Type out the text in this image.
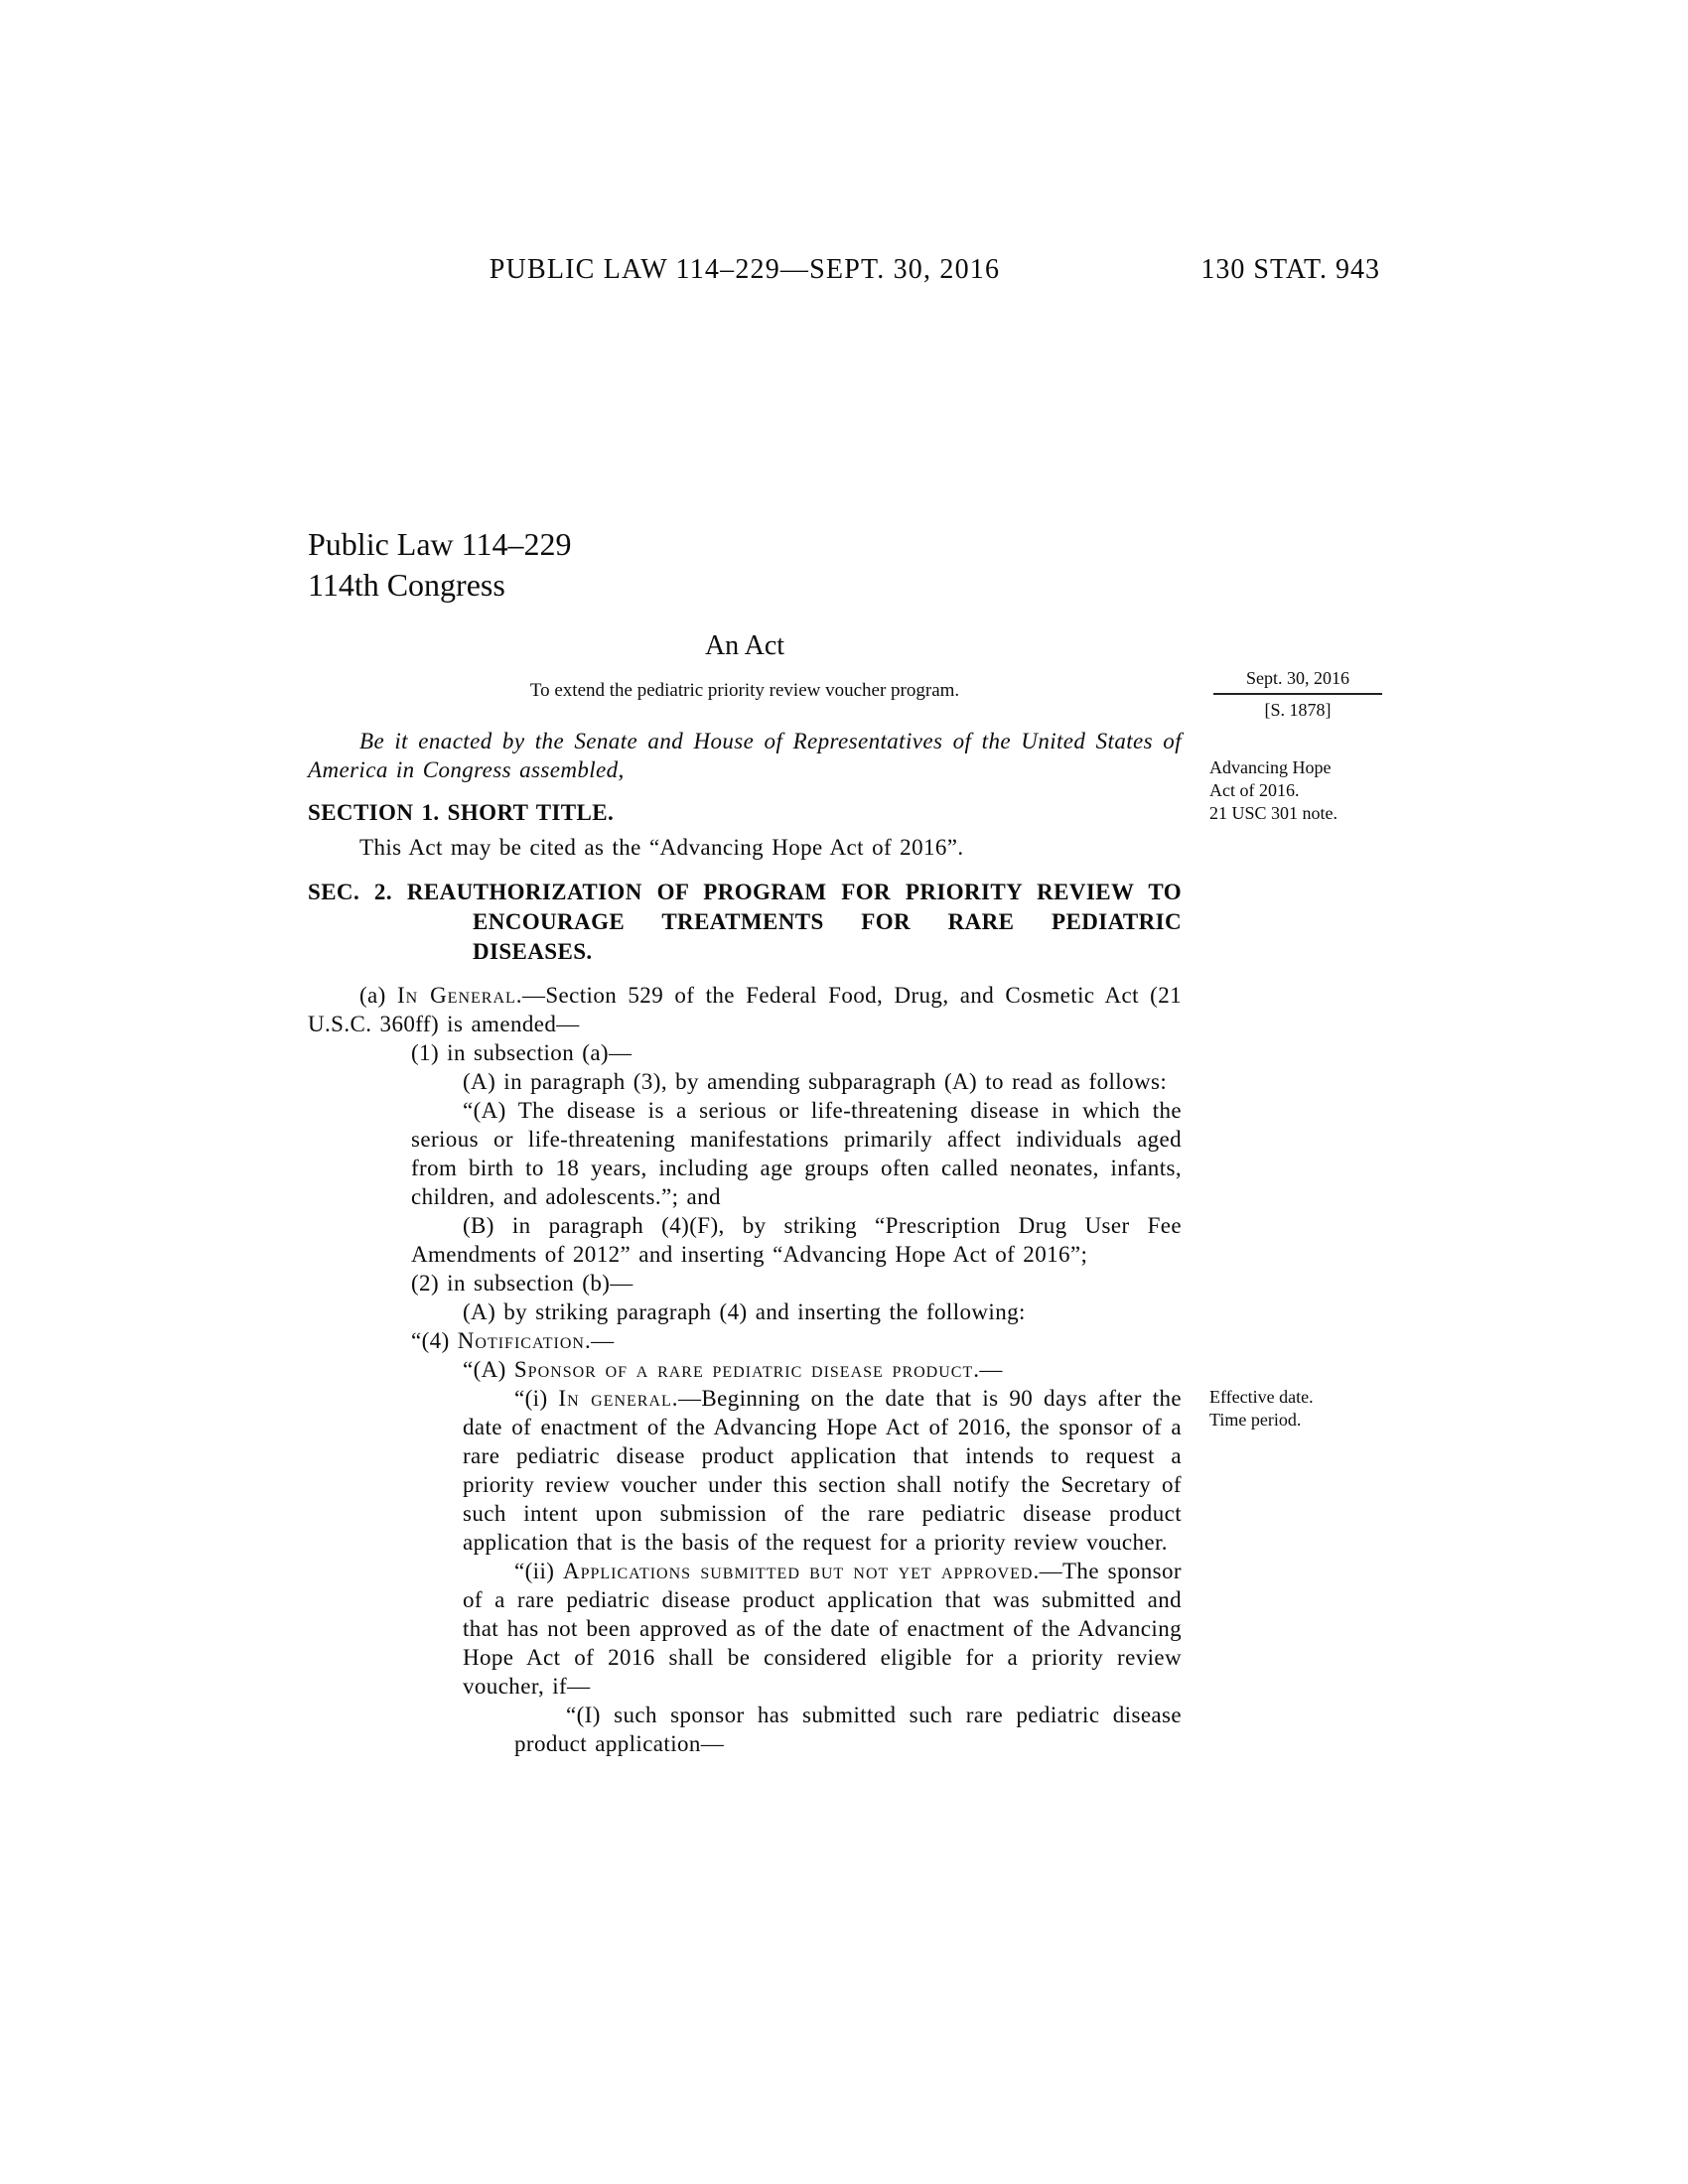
PUBLIC LAW 114–229—SEPT. 30, 2016	130 STAT. 943
Public Law 114–229
114th Congress
An Act
Sept. 30, 2016
[S. 1878]
To extend the pediatric priority review voucher program.

Advancing Hope
Act of 2016.
21 USC 301 note.
Be it enacted by the Senate and House of Representatives of the United States of America in Congress assembled,

SECTION 1. SHORT TITLE.

This Act may be cited as the “Advancing Hope Act of 2016”.

SEC. 2. REAUTHORIZATION OF PROGRAM FOR PRIORITY REVIEW TO ENCOURAGE TREATMENTS FOR RARE PEDIATRIC DISEASES.

(a) In General.—Section 529 of the Federal Food, Drug, and Cosmetic Act (21 U.S.C. 360ff) is amended—

(1) in subsection (a)—

(A) in paragraph (3), by amending subparagraph (A) to read as follows:

“(A) The disease is a serious or life-threatening disease in which the serious or life-threatening manifestations primarily affect individuals aged from birth to 18 years, including age groups often called neonates, infants, children, and adolescents.”; and

(B) in paragraph (4)(F), by striking “Prescription Drug User Fee Amendments of 2012” and inserting “Advancing Hope Act of 2016”;

(2) in subsection (b)—

(A) by striking paragraph (4) and inserting the following:

“(4) Notification.—

“(A) Sponsor of a rare pediatric disease product.—

Effective date.
Time period.
“(i) In general.—Beginning on the date that is 90 days after the date of enactment of the Advancing Hope Act of 2016, the sponsor of a rare pediatric disease product application that intends to request a priority review voucher under this section shall notify the Secretary of such intent upon submission of the rare pediatric disease product application that is the basis of the request for a priority review voucher.

“(ii) Applications submitted but not yet approved.—The sponsor of a rare pediatric disease product application that was submitted and that has not been approved as of the date of enactment of the Advancing Hope Act of 2016 shall be considered eligible for a priority review voucher, if—

“(I) such sponsor has submitted such rare pediatric disease product application—
